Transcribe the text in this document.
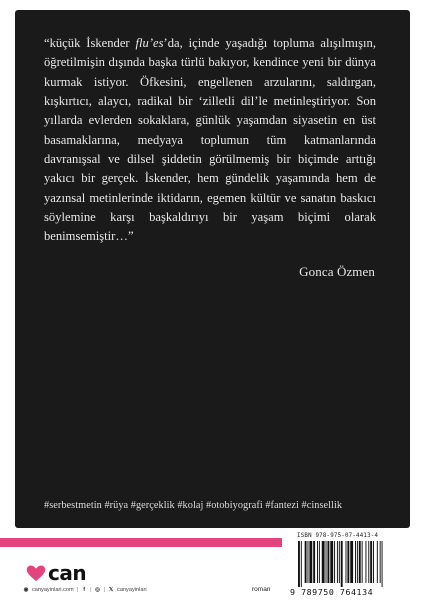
“küçük İskender flu’es’da, içinde yaşadığı topluma alışılmışın, öğretilmişin dışında başka türlü bakıyor, kendince yeni bir dünya kurmak istiyor. Öfkesini, engellenen arzularını, saldırgan, kışkırtıcı, alaycı, radikal bir ‘zilletli dil’le metinleştiriyor. Son yıllarda evlerden sokaklara, günlük yaşamdan siyasetin en üst basamaklarına, medyaya toplumun tüm katmanlarında davranışsal ve dilsel şiddetin görülmemiş bir biçimde arttığı yakıcı bir gerçek. İskender, hem gündelik yaşamında hem de yazınsal metinlerinde iktidarın, egemen kültür ve sanatın baskıcı söylemine karşı başkaldırıyı bir yaşam biçimi olarak benimsemiştir…”

Gonca Özmen
#serbestmetin #rüya #gerçeklik #kolaj #otobiyografi #fantezi #cinsellik
can
◉ canyayinlari.com | f | ◎ | 𝕏 canyayinlari	roman
ISBN 978-975-07-4413-4
9 789750 764134
